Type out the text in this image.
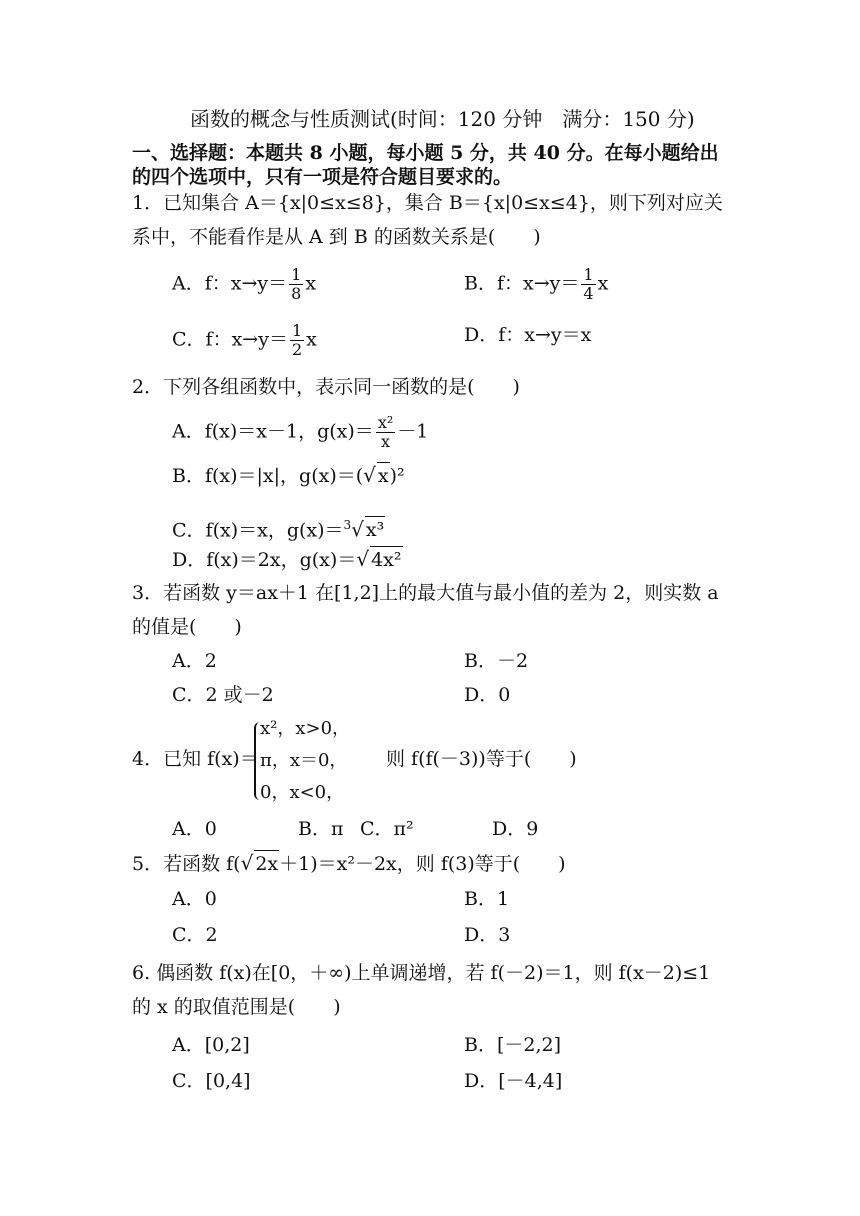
函数的概念与性质测试(时间：120 分钟　满分：150 分)
一、选择题：本题共 8 小题，每小题 5 分，共 40 分。在每小题给出
的四个选项中，只有一项是符合题目要求的。
1．已知集合 A＝{x|0≤x≤8}，集合 B＝{x|0≤x≤4}，则下列对应关
系中，不能看作是从 A 到 B 的函数关系是(　　)
A．f：$x\to y= \frac{1}{8}$ x	B．f：$x\to y= \frac{1}{4}$ x
C．f：$x\to y= \frac{1}{2}$ x	D．f：x→y＝x
2．下列各组函数中，表示同一函数的是(　　)
A．f(x)＝x－1，$g(x)= \frac{\text{x²}}{x} -1$
B．f(x)＝|x|，g(x)＝(√ x)²
C．f(x)＝x，g(x)＝$^3$√ x³
D．f(x)＝2x，g(x)＝√ 4x²
3．若函数 y＝ax＋1 在[1,2]上的最大值与最小值的差为 2，则实数 a
的值是(　　)
A．2	B．－2
C．2 或－2	D．0
4．已知 f(x)＝
x²，x>0，
π，x＝0，
0，x<0，
则 f(f(－3))等于(　　)
A．0	B．π C．π²	D．9
5．若函数 f(√ 2x＋1)＝x²－2x，则 f(3)等于(　　)
A．0	B．1
C．2	D．3
6. 偶函数 f(x)在[0，＋∞)上单调递增，若 f(－2)＝1，则 f(x－2)≤1
的 x 的取值范围是(　　)
A．[0,2]	B．[－2,2]
C．[0,4]	D．[－4,4]
